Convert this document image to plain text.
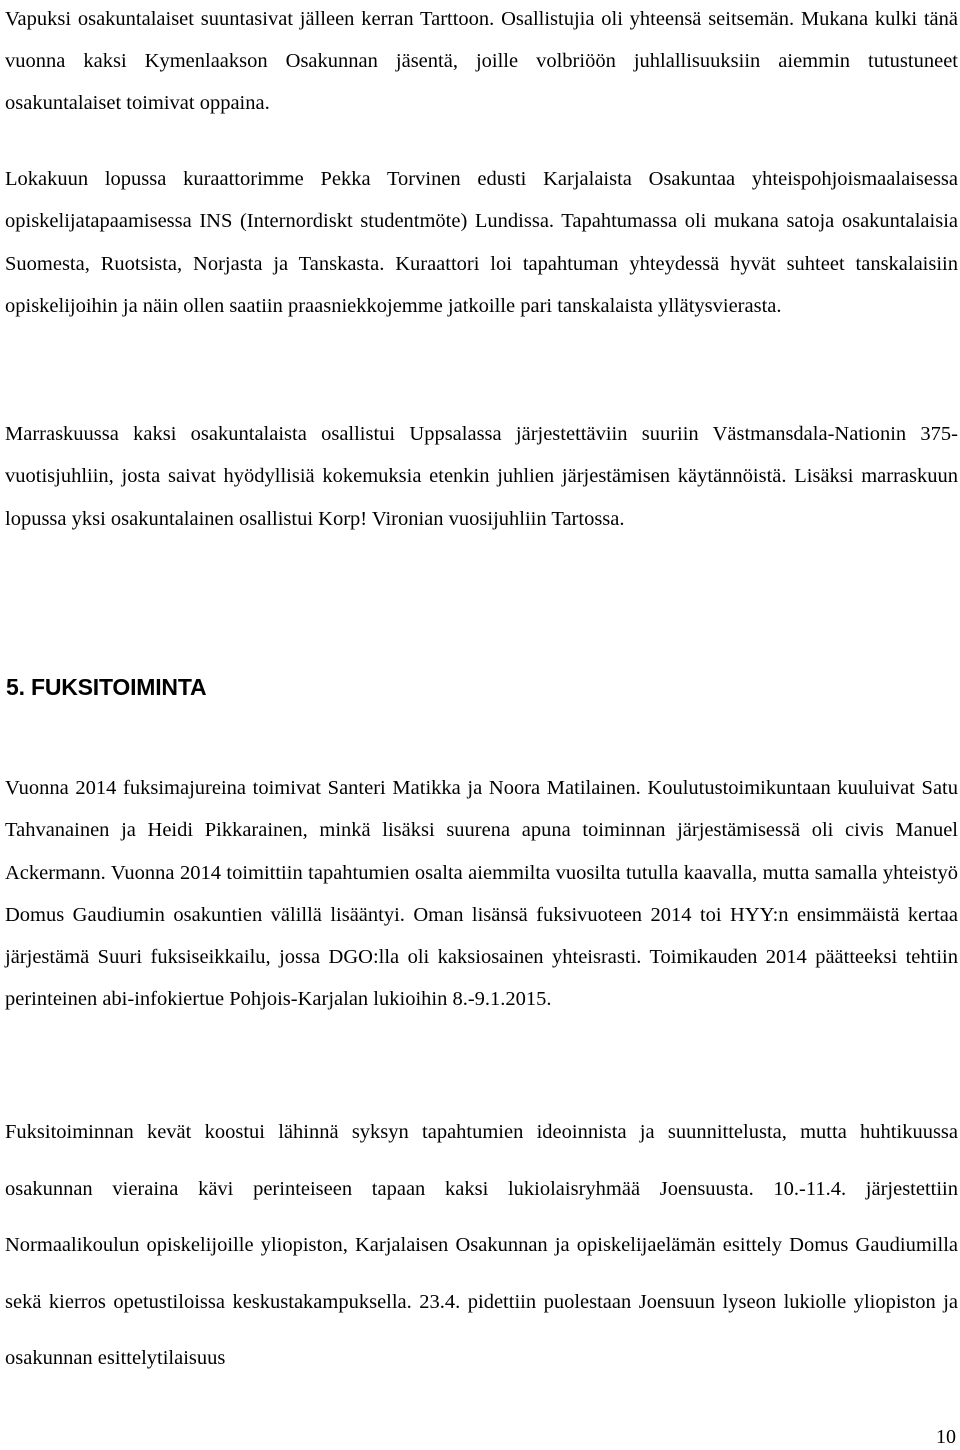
Vapuksi osakuntalaiset suuntasivat jälleen kerran Tarttoon. Osallistujia oli yhteensä seitsemän. Mukana kulki tänä vuonna kaksi Kymenlaakson Osakunnan jäsentä, joille volbriöön juhlallisuuksiin aiemmin tutustuneet osakuntalaiset toimivat oppaina.

Lokakuun lopussa kuraattorimme Pekka Torvinen edusti Karjalaista Osakuntaa yhteispohjoismaalaisessa opiskelijatapaamisessa INS (Internordiskt studentmöte) Lundissa. Tapahtumassa oli mukana satoja osakuntalaisia Suomesta, Ruotsista, Norjasta ja Tanskasta. Kuraattori loi tapahtuman yhteydessä hyvät suhteet tanskalaisiin opiskelijoihin ja näin ollen saatiin praasniekkojemme jatkoille pari tanskalaista yllätysvierasta.

Marraskuussa kaksi osakuntalaista osallistui Uppsalassa järjestettäviin suuriin Västmansdala-Nationin 375-vuotisjuhliin, josta saivat hyödyllisiä kokemuksia etenkin juhlien järjestämisen käytännöistä. Lisäksi marraskuun lopussa yksi osakuntalainen osallistui Korp! Vironian vuosijuhliin Tartossa.

5. FUKSITOIMINTA

Vuonna 2014 fuksimajureina toimivat Santeri Matikka ja Noora Matilainen. Koulutustoimikuntaan kuuluivat Satu Tahvanainen ja Heidi Pikkarainen, minkä lisäksi suurena apuna toiminnan järjestämisessä oli civis Manuel Ackermann. Vuonna 2014 toimittiin tapahtumien osalta aiemmilta vuosilta tutulla kaavalla, mutta samalla yhteistyö Domus Gaudiumin osakuntien välillä lisääntyi. Oman lisänsä fuksivuoteen 2014 toi HYY:n ensimmäistä kertaa järjestämä Suuri fuksiseikkailu, jossa DGO:lla oli kaksiosainen yhteisrasti. Toimikauden 2014 päätteeksi tehtiin perinteinen abi-infokiertue Pohjois-Karjalan lukioihin 8.-9.1.2015.

Fuksitoiminnan kevät koostui lähinnä syksyn tapahtumien ideoinnista ja suunnittelusta, mutta huhtikuussa osakunnan vieraina kävi perinteiseen tapaan kaksi lukiolaisryhmää Joensuusta. 10.-11.4. järjestettiin Normaalikoulun opiskelijoille yliopiston, Karjalaisen Osakunnan ja opiskelijaelämän esittely Domus Gaudiumilla sekä kierros opetustiloissa keskustakampuksella. 23.4. pidettiin puolestaan Joensuun lyseon lukiolle yliopiston ja osakunnan esittelytilaisuus

10
